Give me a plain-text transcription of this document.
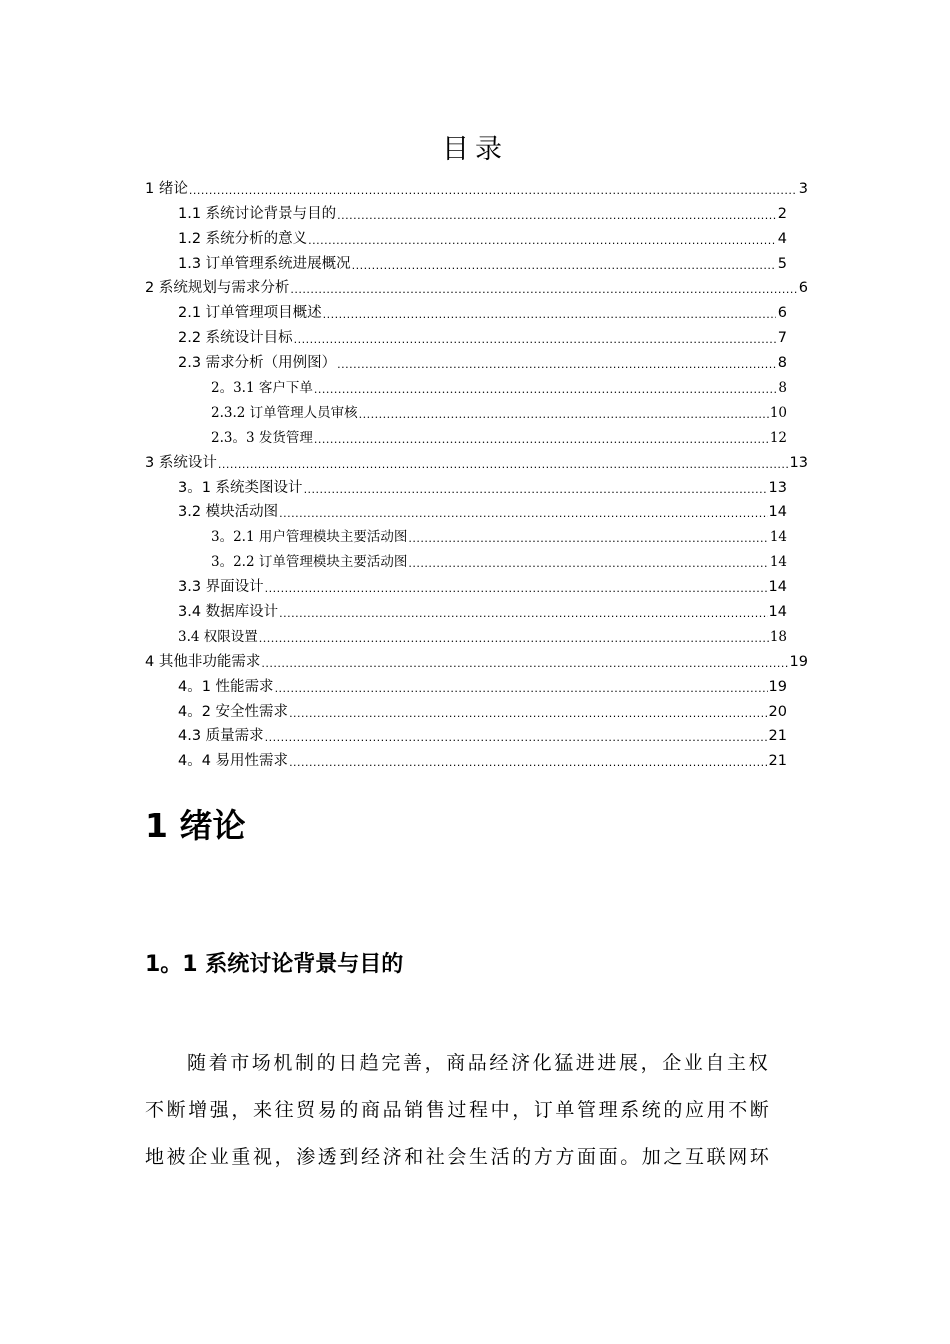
目录
1 绪论 .....	3
1.1 系统讨论背景与目的 .....	2
1.2 系统分析的意义 .....	4
1.3 订单管理系统进展概况 .....	5
2 系统规划与需求分析 .....	6
2.1 订单管理项目概述 .....	6
2.2 系统设计目标 .....	7
2.3 需求分析（用例图） .....	8
2。3.1 客户下单 .....	8
2.3.2 订单管理人员审核 .....	10
2.3。3 发货管理 .....	12
3 系统设计 .....	13
3。1 系统类图设计 .....	13
3.2 模块活动图 .....	14
3。2.1 用户管理模块主要活动图 .....	14
3。2.2 订单管理模块主要活动图 .....	14
3.3 界面设计 .....	14
3.4 数据库设计 .....	14
3.4 权限设置 .....	18
4 其他非功能需求 .....	19
4。1 性能需求 .....	19
4。2 安全性需求 .....	20
4.3 质量需求 .....	21
4。4 易用性需求 .....	21
1 绪论
1。1 系统讨论背景与目的
随着市场机制的日趋完善，商品经济化猛进进展，企业自主权
不断增强，来往贸易的商品销售过程中，订单管理系统的应用不断
地被企业重视，渗透到经济和社会生活的方方面面。加之互联网环
